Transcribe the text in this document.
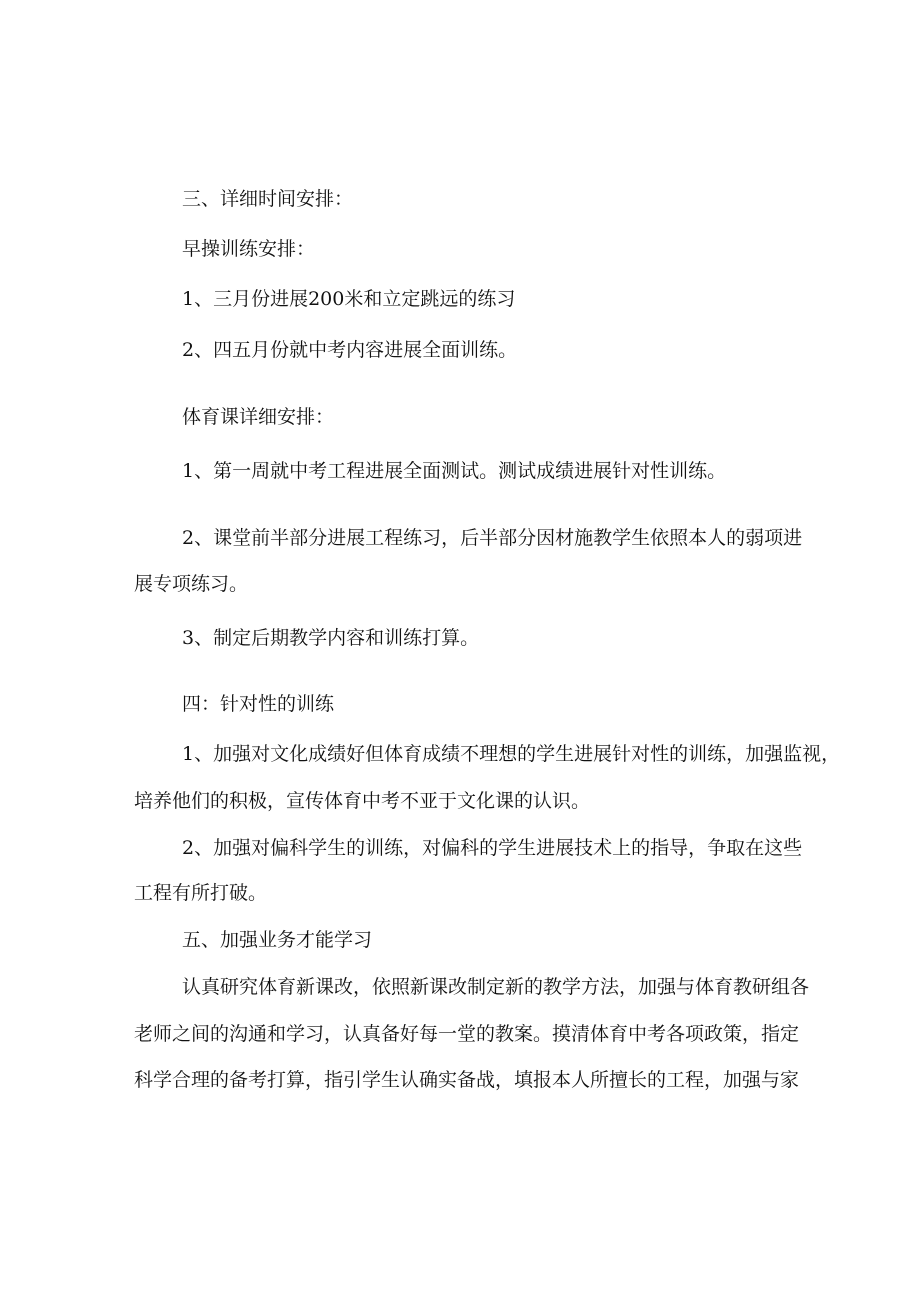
三、详细时间安排：
早操训练安排：
1、三月份进展200米和立定跳远的练习
2、四五月份就中考内容进展全面训练。
体育课详细安排：
1、第一周就中考工程进展全面测试。测试成绩进展针对性训练。
2、课堂前半部分进展工程练习，后半部分因材施教学生依照本人的弱项进
展专项练习。
3、制定后期教学内容和训练打算。
四：针对性的训练
1、加强对文化成绩好但体育成绩不理想的学生进展针对性的训练，加强监视，
培养他们的积极，宣传体育中考不亚于文化课的认识。
2、加强对偏科学生的训练，对偏科的学生进展技术上的指导，争取在这些
工程有所打破。
五、加强业务才能学习
认真研究体育新课改，依照新课改制定新的教学方法，加强与体育教研组各
老师之间的沟通和学习，认真备好每一堂的教案。摸清体育中考各项政策，指定
科学合理的备考打算，指引学生认确实备战，填报本人所擅长的工程，加强与家
